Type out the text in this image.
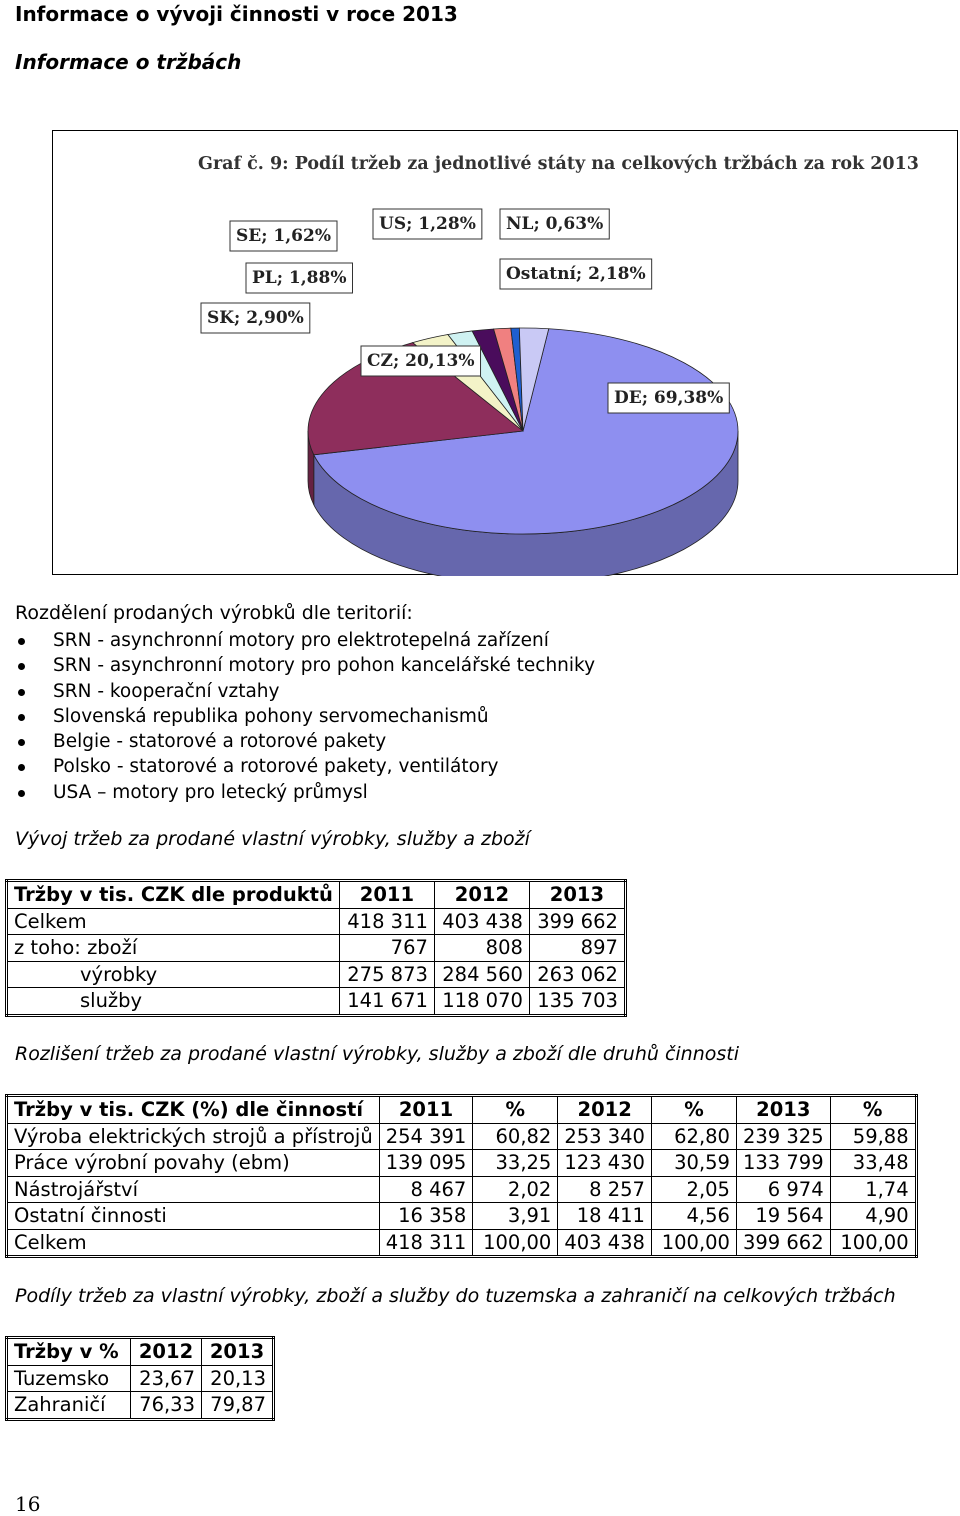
Informace o vývoji činnosti v roce 2013
Informace o tržbách
Graf č. 9: Podíl tržeb za jednotlivé státy na celkových tržbách za rok 2013
DE; 69,38%
CZ; 20,13%
SK; 2,90%
PL; 1,88%
SE; 1,62%
US; 1,28% NL; 0,63%
Ostatní; 2,18%
Rozdělení prodaných výrobků dle teritorií:
SRN - asynchronní motory pro elektrotepelná zařízení
SRN - asynchronní motory pro pohon kancelářské techniky
SRN - kooperační vztahy
Slovenská republika pohony servomechanismů
Belgie - statorové a rotorové pakety
Polsko - statorové a rotorové pakety, ventilátory
USA – motory pro letecký průmysl
Vývoj tržeb za prodané vlastní výrobky, služby a zboží
Tržby v tis. CZK dle produktů	2011	2012	2013
Celkem	418 311	403 438	399 662
z toho: zboží	767	808	897
výrobky	275 873	284 560	263 062
služby	141 671	118 070	135 703
Rozlišení tržeb za prodané vlastní výrobky, služby a zboží dle druhů činnosti
Tržby v tis. CZK (%) dle činností	2011	%	2012	%	2013	%
Výroba elektrických strojů a přístrojů	254 391	60,82	253 340	62,80	239 325	59,88
Práce výrobní povahy (ebm)	139 095	33,25	123 430	30,59	133 799	33,48
Nástrojářství	8 467	2,02	8 257	2,05	6 974	1,74
Ostatní činnosti	16 358	3,91	18 411	4,56	19 564	4,90
Celkem	418 311	100,00	403 438	100,00	399 662	100,00
Podíly tržeb za vlastní výrobky, zboží a služby do tuzemska a zahraničí na celkových tržbách
Tržby v %	2012	2013
Tuzemsko	23,67	20,13
Zahraničí	76,33	79,87
16
